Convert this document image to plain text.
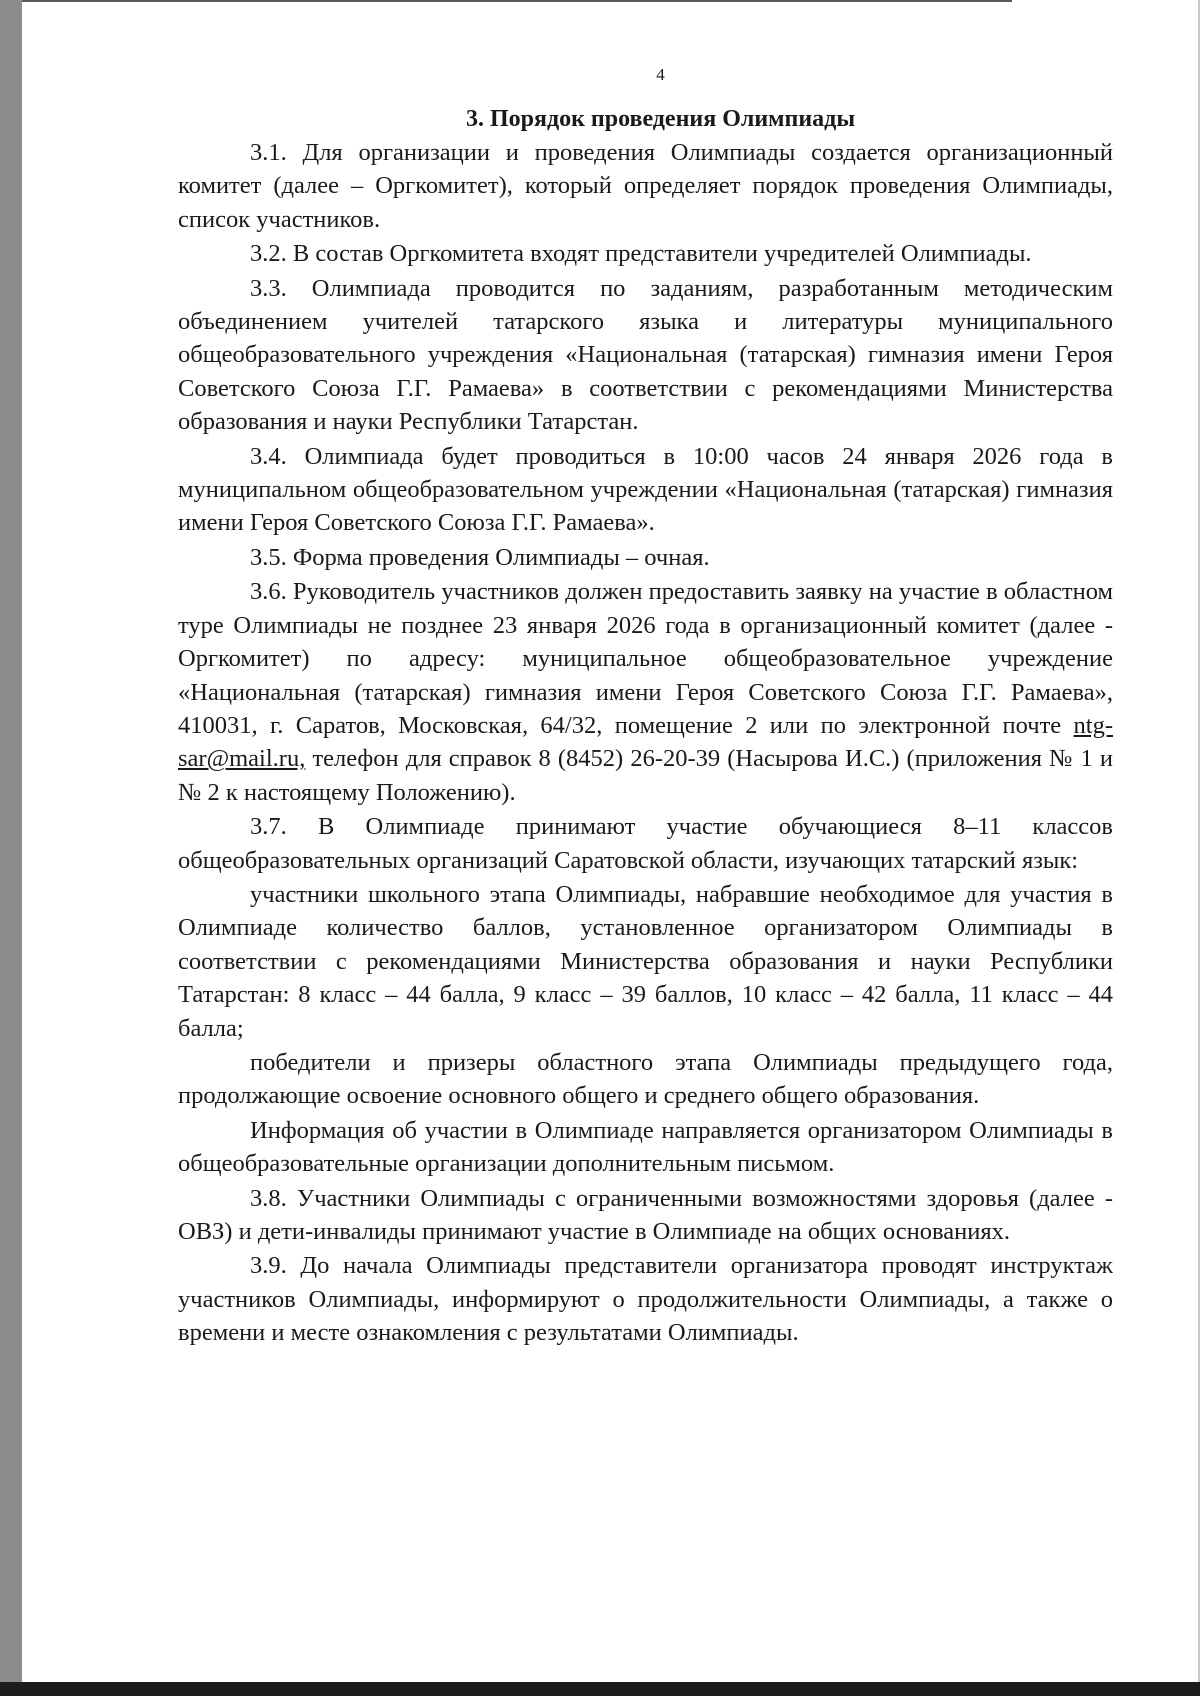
4

3. Порядок проведения Олимпиады

3.1. Для организации и проведения Олимпиады создается организационный комитет (далее – Оргкомитет), который определяет порядок проведения Олимпиады, список участников.

3.2. В состав Оргкомитета входят представители учредителей Олимпиады.

3.3. Олимпиада проводится по заданиям, разработанным методическим объединением учителей татарского языка и литературы муниципального общеобразовательного учреждения «Национальная (татарская) гимназия имени Героя Советского Союза Г.Г. Рамаева» в соответствии с рекомендациями Министерства образования и науки Республики Татарстан.

3.4. Олимпиада будет проводиться в 10:00 часов 24 января 2026 года в муниципальном общеобразовательном учреждении «Национальная (татарская) гимназия имени Героя Советского Союза Г.Г. Рамаева».

3.5. Форма проведения Олимпиады – очная.

3.6. Руководитель участников должен предоставить заявку на участие в областном туре Олимпиады не позднее 23 января 2026 года в организационный комитет (далее - Оргкомитет) по адресу: муниципальное общеобразовательное учреждение «Национальная (татарская) гимназия имени Героя Советского Союза Г.Г. Рамаева», 410031, г. Саратов, Московская, 64/32, помещение 2 или по электронной почте ntg-sar@mail.ru, телефон для справок 8 (8452) 26-20-39 (Насырова И.С.) (приложения № 1 и № 2 к настоящему Положению).

3.7. В Олимпиаде принимают участие обучающиеся 8–11 классов общеобразовательных организаций Саратовской области, изучающих татарский язык:

участники школьного этапа Олимпиады, набравшие необходимое для участия в Олимпиаде количество баллов, установленное организатором Олимпиады в соответствии с рекомендациями Министерства образования и науки Республики Татарстан: 8 класс – 44 балла, 9 класс – 39 баллов, 10 класс – 42 балла, 11 класс – 44 балла;

победители и призеры областного этапа Олимпиады предыдущего года, продолжающие освоение основного общего и среднего общего образования.

Информация об участии в Олимпиаде направляется организатором Олимпиады в общеобразовательные организации дополнительным письмом.

3.8. Участники Олимпиады с ограниченными возможностями здоровья (далее - ОВЗ) и дети-инвалиды принимают участие в Олимпиаде на общих основаниях.

3.9. До начала Олимпиады представители организатора проводят инструктаж участников Олимпиады, информируют о продолжительности Олимпиады, а также о времени и месте ознакомления с результатами Олимпиады.
